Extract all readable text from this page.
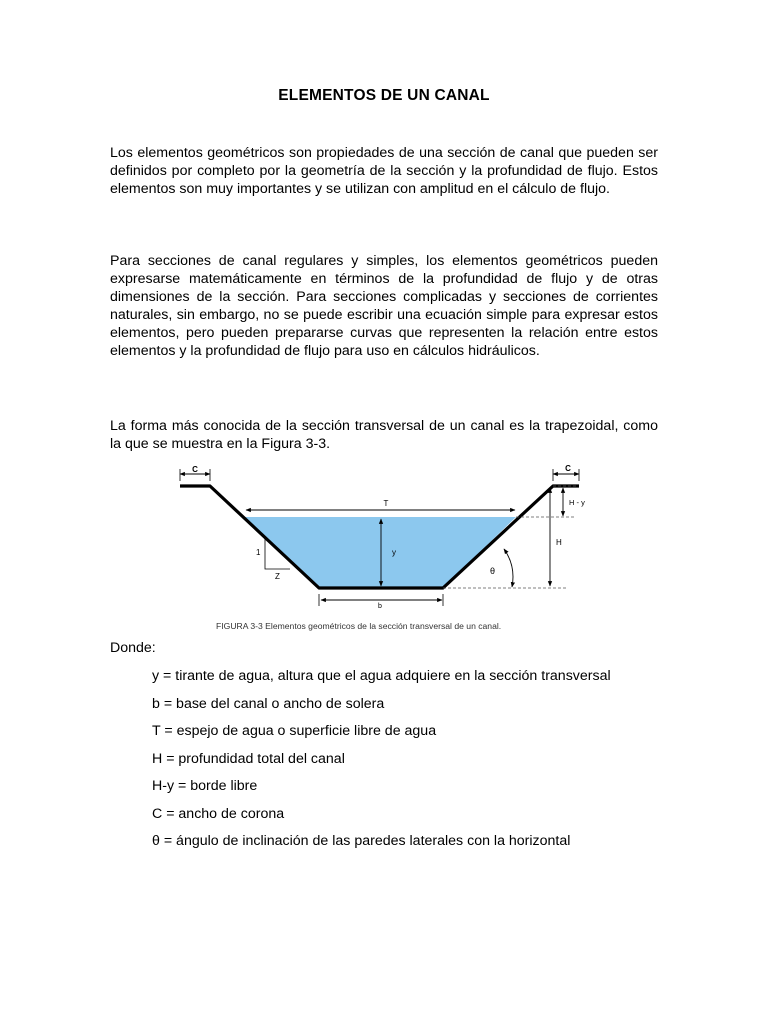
ELEMENTOS DE UN CANAL

Los elementos geométricos son propiedades de una sección de canal que pueden ser definidos por completo por la geometría de la sección y la profundidad de flujo. Estos elementos son muy importantes y se utilizan con amplitud en el cálculo de flujo.

Para secciones de canal regulares y simples, los elementos geométricos pueden expresarse matemáticamente en términos de la profundidad de flujo y de otras dimensiones de la sección. Para secciones complicadas y secciones de corrientes naturales, sin embargo, no se puede escribir una ecuación simple para expresar estos elementos, pero pueden prepararse curvas que representen la relación entre estos elementos y la profundidad de flujo para uso en cálculos hidráulicos.

La forma más conocida de la sección transversal de un canal es la trapezoidal, como la que se muestra en la Figura 3-3.

C	C
T	H - y
H
y
1
Z
θ
b
FIGURA 3-3 Elementos geométricos de la sección transversal de un canal.

Donde:

y = tirante de agua, altura que el agua adquiere en la sección transversal
b = base del canal o ancho de solera
T = espejo de agua o superficie libre de agua
H = profundidad total del canal
H-y = borde libre
C = ancho de corona
θ = ángulo de inclinación de las paredes laterales con la horizontal
